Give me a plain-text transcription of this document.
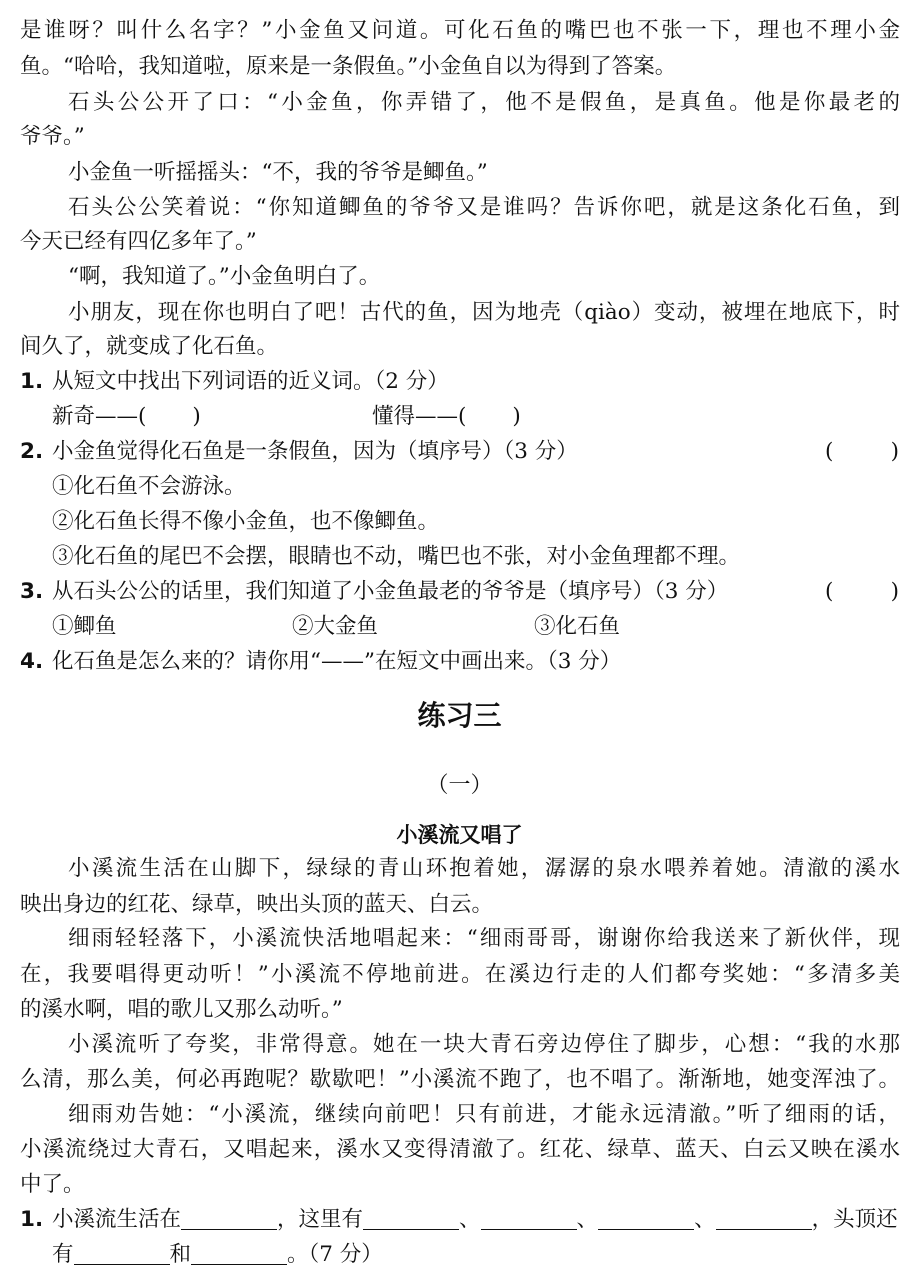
是谁呀？叫什么名字？”小金鱼又问道。可化石鱼的嘴巴也不张一下，理也不理小金
鱼。“哈哈，我知道啦，原来是一条假鱼。”小金鱼自以为得到了答案。
石头公公开了口：“小金鱼，你弄错了，他不是假鱼，是真鱼。他是你最老的
爷爷。”
小金鱼一听摇摇头：“不，我的爷爷是鲫鱼。”
石头公公笑着说：“你知道鲫鱼的爷爷又是谁吗？告诉你吧，就是这条化石鱼，到
今天已经有四亿多年了。”
“啊，我知道了。”小金鱼明白了。
小朋友，现在你也明白了吧！古代的鱼，因为地壳（qiào）变动，被埋在地底下，时
间久了，就变成了化石鱼。
1. 从短文中找出下列词语的近义词。（2 分）
新奇——( )	懂得——( )
2. 小金鱼觉得化石鱼是一条假鱼，因为（填序号）（3 分）	(	)
①化石鱼不会游泳。
②化石鱼长得不像小金鱼，也不像鲫鱼。
③化石鱼的尾巴不会摆，眼睛也不动，嘴巴也不张，对小金鱼理都不理。
3. 从石头公公的话里，我们知道了小金鱼最老的爷爷是（填序号）（3 分）	(	)
①鲫鱼	②大金鱼	③化石鱼
4. 化石鱼是怎么来的？请你用“——”在短文中画出来。（3 分）
练习三
（一）
小溪流又唱了
小溪流生活在山脚下，绿绿的青山环抱着她，潺潺的泉水喂养着她。清澈的溪水
映出身边的红花、绿草，映出头顶的蓝天、白云。
细雨轻轻落下，小溪流快活地唱起来：“细雨哥哥，谢谢你给我送来了新伙伴，现
在，我要唱得更动听！”小溪流不停地前进。在溪边行走的人们都夸奖她：“多清多美
的溪水啊，唱的歌儿又那么动听。”
小溪流听了夸奖，非常得意。她在一块大青石旁边停住了脚步，心想：“我的水那
么清，那么美，何必再跑呢？歇歇吧！”小溪流不跑了，也不唱了。渐渐地，她变浑浊了。
细雨劝告她：“小溪流，继续向前吧！只有前进，才能永远清澈。”听了细雨的话，
小溪流绕过大青石，又唱起来，溪水又变得清澈了。红花、绿草、蓝天、白云又映在溪水
中了。
1. 小溪流生活在	，这里有	、	、	、	，头顶还
有	和	。（7 分）
